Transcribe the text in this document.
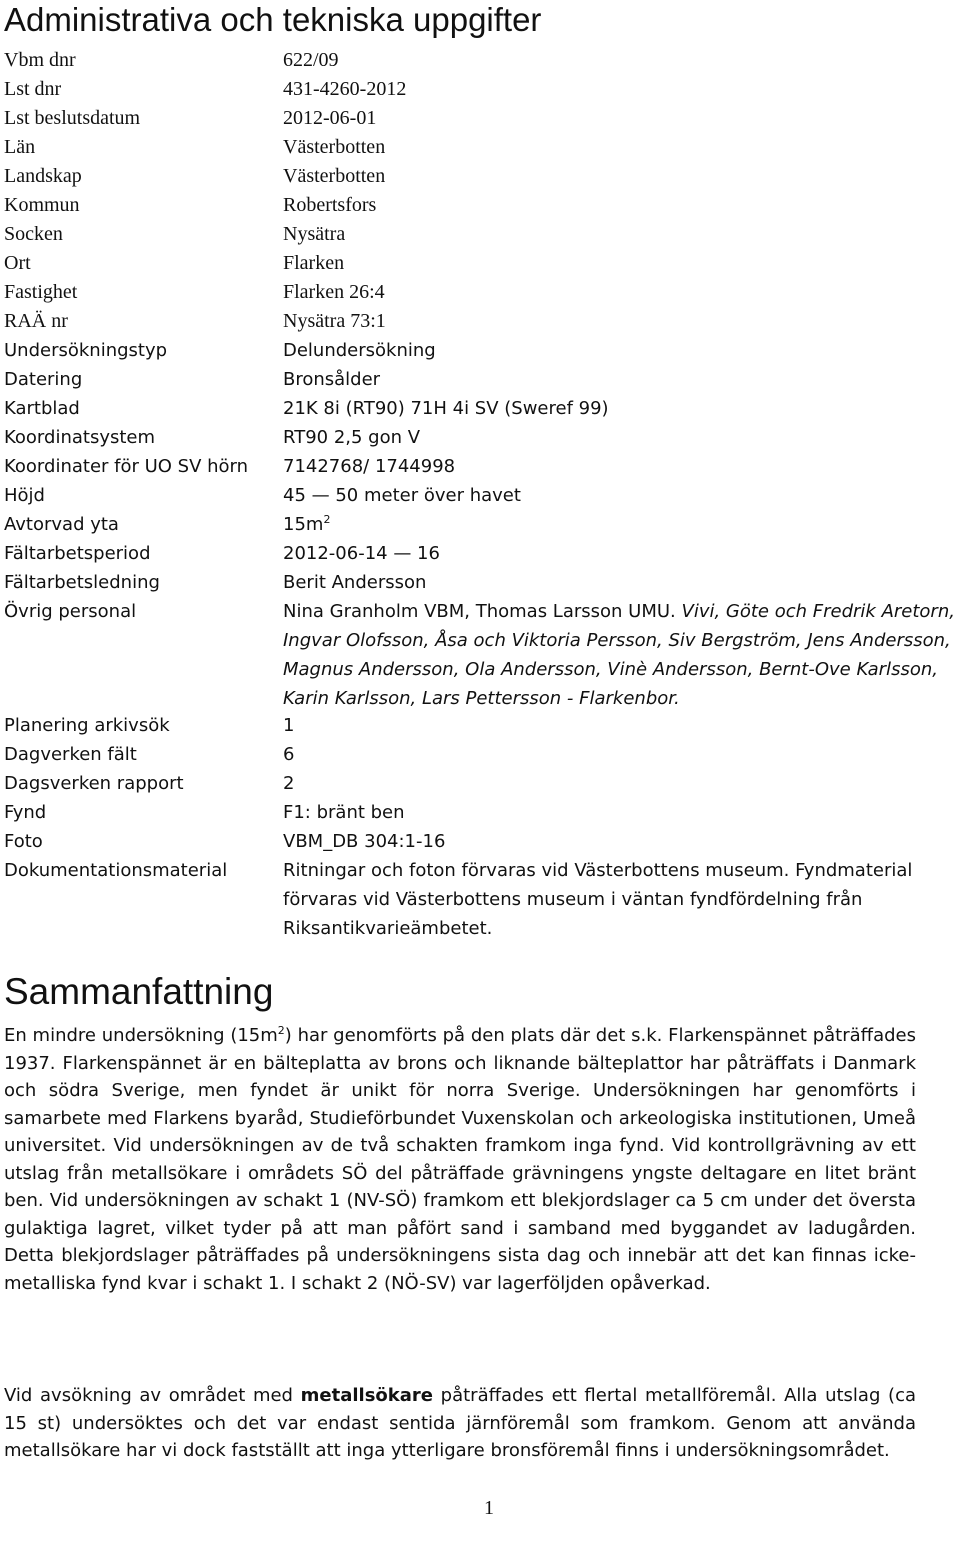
Administrativa och tekniska uppgifter
Vbm dnr	622/09
Lst dnr	431-4260-2012
Lst beslutsdatum	2012-06-01
Län	Västerbotten
Landskap	Västerbotten
Kommun	Robertsfors
Socken	Nysätra
Ort	Flarken
Fastighet	Flarken 26:4
RAÄ nr	Nysätra 73:1
Undersökningstyp	Delundersökning
Datering	Bronsålder
Kartblad	21K 8i (RT90) 71H 4i SV (Sweref 99)
Koordinatsystem	RT90 2,5 gon V
Koordinater för UO SV hörn 7142768/ 1744998
Höjd	45 — 50 meter över havet
Avtorvad yta	$15m^2$
Fältarbetsperiod	2012-06-14 — 16
Fältarbetsledning	Berit Andersson
Övrig personal	Nina Granholm VBM, Thomas Larsson UMU. Vivi, Göte och Fredrik Aretorn, Ingvar Olofsson, Åsa och Viktoria Persson, Siv Bergström, Jens Andersson, Magnus Andersson, Ola Andersson, Vinè Andersson, Bernt-Ove Karlsson, Karin Karlsson, Lars Pettersson - Flarkenbor.
Planering arkivsök	1
Dagverken fält	6
Dagsverken rapport	2
Fynd	F1: bränt ben
Foto	VBM_DB 304:1-16
Dokumentationsmaterial	Ritningar och foton förvaras vid Västerbottens museum. Fyndmaterial förvaras vid Västerbottens museum i väntan fyndfördelning från Riksantikvarieämbetet.
Sammanfattning

En mindre undersökning $(15m^2)$ har genomförts på den plats där det s.k. Flarkenspännet påträffades 1937. Flarkenspännet är en bälteplatta av brons och liknande bälteplattor har påträffats i Danmark och södra Sverige, men fyndet är unikt för norra Sverige. Undersökningen har genomförts i samarbete med Flarkens byaråd, Studieförbundet Vuxenskolan och arkeologiska institutionen, Umeå universitet. Vid undersökningen av de två schakten framkom inga fynd. Vid kontrollgrävning av ett utslag från metallsökare i områdets SÖ del påträffade grävningens yngste deltagare en litet bränt ben. Vid undersökningen av schakt 1 (NV-SÖ) framkom ett blekjordslager ca 5 cm under det översta gulaktiga lagret, vilket tyder på att man påfört sand i samband med byggandet av ladugården. Detta blekjordslager påträffades på undersökningens sista dag och innebär att det kan finnas icke-metalliska fynd kvar i schakt 1. I schakt 2 (NÖ-SV) var lagerföljden opåverkad.

Vid avsökning av området med metallsökare påträffades ett flertal metallföremål. Alla utslag (ca 15 st) undersöktes och det var endast sentida järnföremål som framkom. Genom att använda metallsökare har vi dock fastställt att inga ytterligare bronsföremål finns i undersökningsområdet.

1
